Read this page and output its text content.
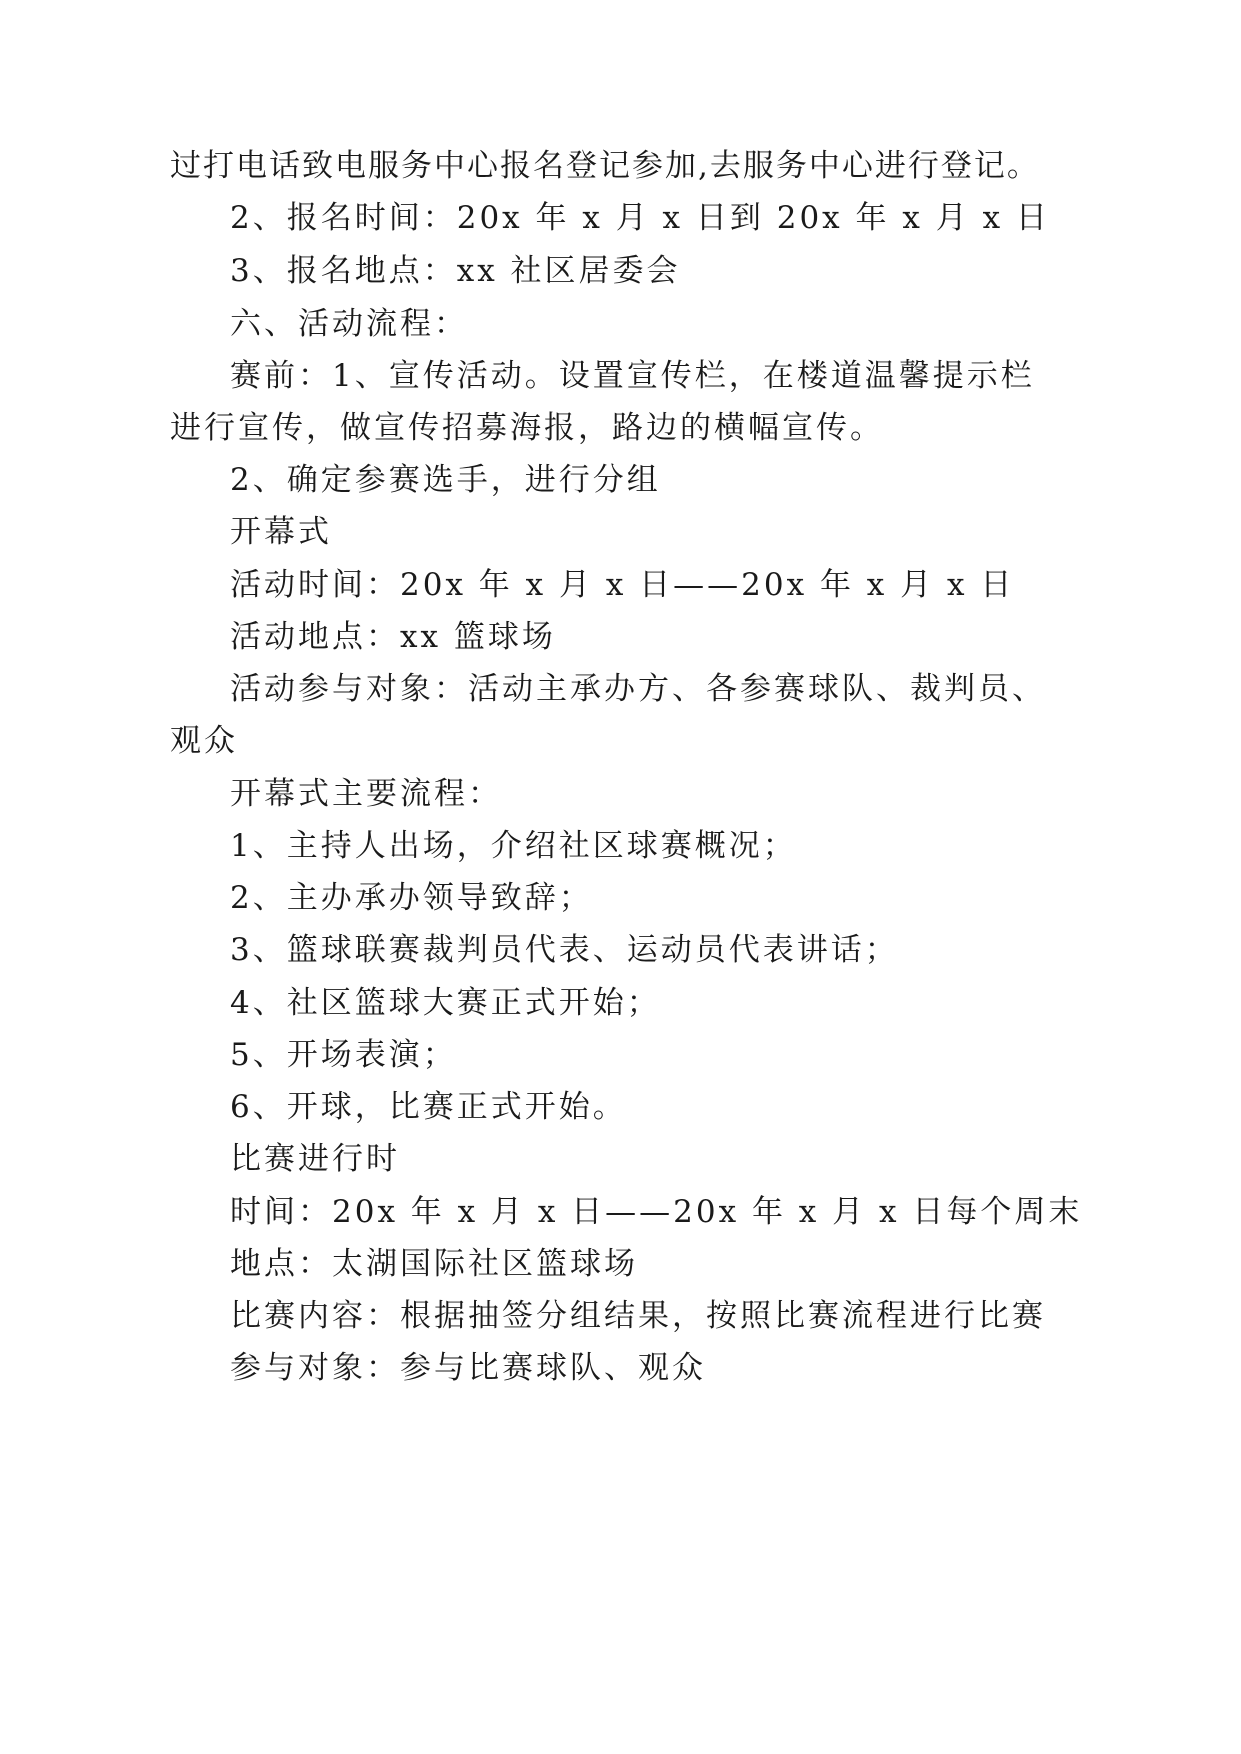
过打电话致电服务中心报名登记参加,去服务中心进行登记。
2、报名时间：20x 年 x 月 x 日到 20x 年 x 月 x 日
3、报名地点：xx 社区居委会
六、活动流程：
赛前：1、宣传活动。设置宣传栏，在楼道温馨提示栏
进行宣传，做宣传招募海报，路边的横幅宣传。
2、确定参赛选手，进行分组
开幕式
活动时间：20x 年 x 月 x 日——20x 年 x 月 x 日
活动地点：xx 篮球场
活动参与对象：活动主承办方、各参赛球队、裁判员、
观众
开幕式主要流程：
1、主持人出场，介绍社区球赛概况；
2、主办承办领导致辞；
3、篮球联赛裁判员代表、运动员代表讲话；
4、社区篮球大赛正式开始；
5、开场表演；
6、开球，比赛正式开始。
比赛进行时
时间：20x 年 x 月 x 日——20x 年 x 月 x 日每个周末
地点：太湖国际社区篮球场
比赛内容：根据抽签分组结果，按照比赛流程进行比赛
参与对象：参与比赛球队、观众
